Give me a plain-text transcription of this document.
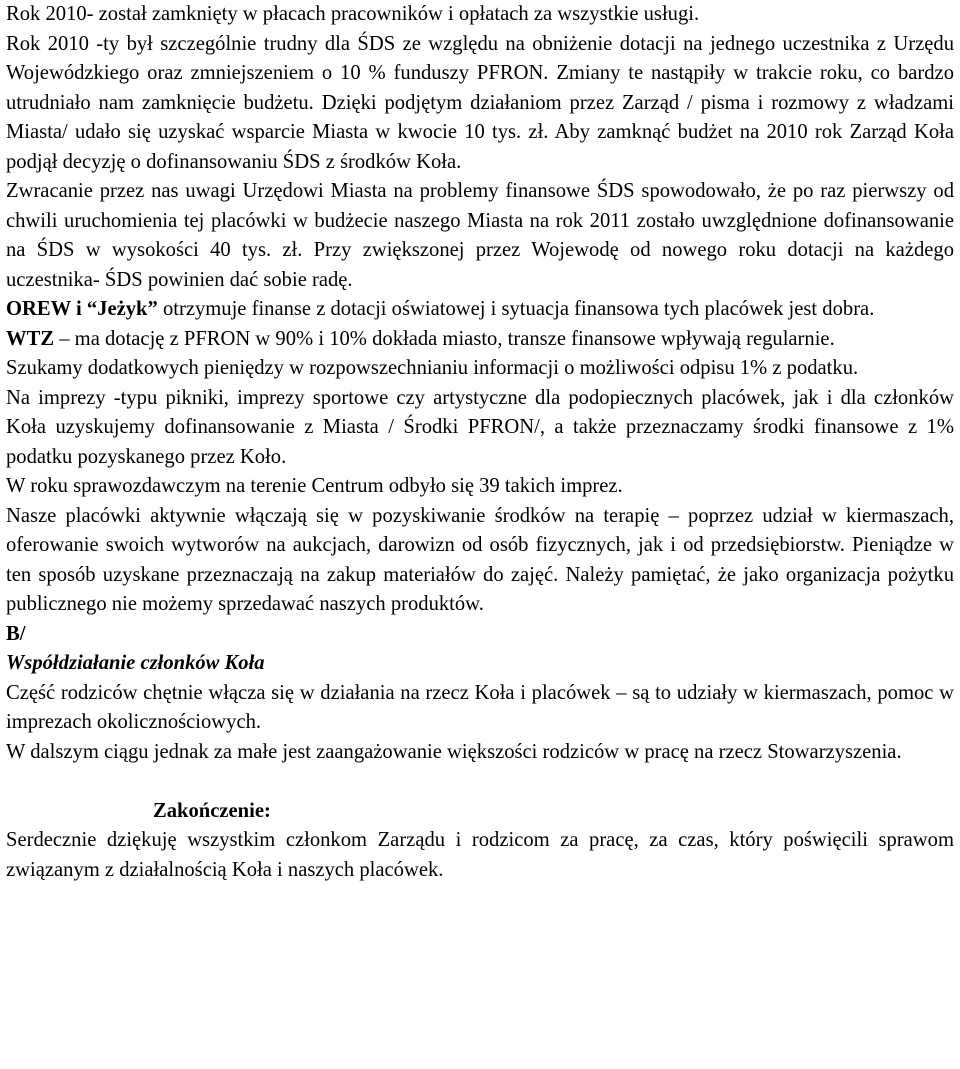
Rok 2010- został zamknięty w płacach pracowników i opłatach za wszystkie usługi.

Rok 2010 -ty był szczególnie trudny dla ŚDS ze względu na obniżenie dotacji na jednego uczestnika z Urzędu Wojewódzkiego oraz zmniejszeniem o 10 % funduszy PFRON. Zmiany te nastąpiły w trakcie roku, co bardzo utrudniało nam zamknięcie budżetu. Dzięki podjętym działaniom przez Zarząd / pisma i rozmowy z władzami Miasta/ udało się uzyskać wsparcie Miasta w kwocie 10 tys. zł. Aby zamknąć budżet na 2010 rok Zarząd Koła podjął decyzję o dofinansowaniu ŚDS z środków Koła.

Zwracanie przez nas uwagi Urzędowi Miasta na problemy finansowe ŚDS spowodowało, że po raz pierwszy od chwili uruchomienia tej placówki w budżecie naszego Miasta na rok 2011 zostało uwzględnione dofinansowanie na ŚDS w wysokości 40 tys. zł. Przy zwiększonej przez Wojewodę od nowego roku dotacji na każdego uczestnika- ŚDS powinien dać sobie radę.

OREW i “Jeżyk” otrzymuje finanse z dotacji oświatowej i sytuacja finansowa tych placówek jest dobra.

WTZ – ma dotację z PFRON w 90% i 10% dokłada miasto, transze finansowe wpływają regularnie.

Szukamy dodatkowych pieniędzy w rozpowszechnianiu informacji o możliwości odpisu 1% z podatku.

Na imprezy -typu pikniki, imprezy sportowe czy artystyczne dla podopiecznych placówek, jak i dla członków Koła uzyskujemy dofinansowanie z Miasta / Środki PFRON/, a także przeznaczamy środki finansowe z 1% podatku pozyskanego przez Koło.

W roku sprawozdawczym na terenie Centrum odbyło się 39 takich imprez.

Nasze placówki aktywnie włączają się w pozyskiwanie środków na terapię – poprzez udział w kiermaszach, oferowanie swoich wytworów na aukcjach, darowizn od osób fizycznych, jak i od przedsiębiorstw. Pieniądze w ten sposób uzyskane przeznaczają na zakup materiałów do zajęć. Należy pamiętać, że jako organizacja pożytku publicznego nie możemy sprzedawać naszych produktów.

B/

Współdziałanie członków Koła

Część rodziców chętnie włącza się w działania na rzecz Koła i placówek – są to udziały w kiermaszach, pomoc w imprezach okolicznościowych.

W dalszym ciągu jednak za małe jest zaangażowanie większości rodziców w pracę na rzecz Stowarzyszenia.

Zakończenie:

Serdecznie dziękuję wszystkim członkom Zarządu i rodzicom za pracę, za czas, który poświęcili sprawom związanym z działalnością Koła i naszych placówek.
